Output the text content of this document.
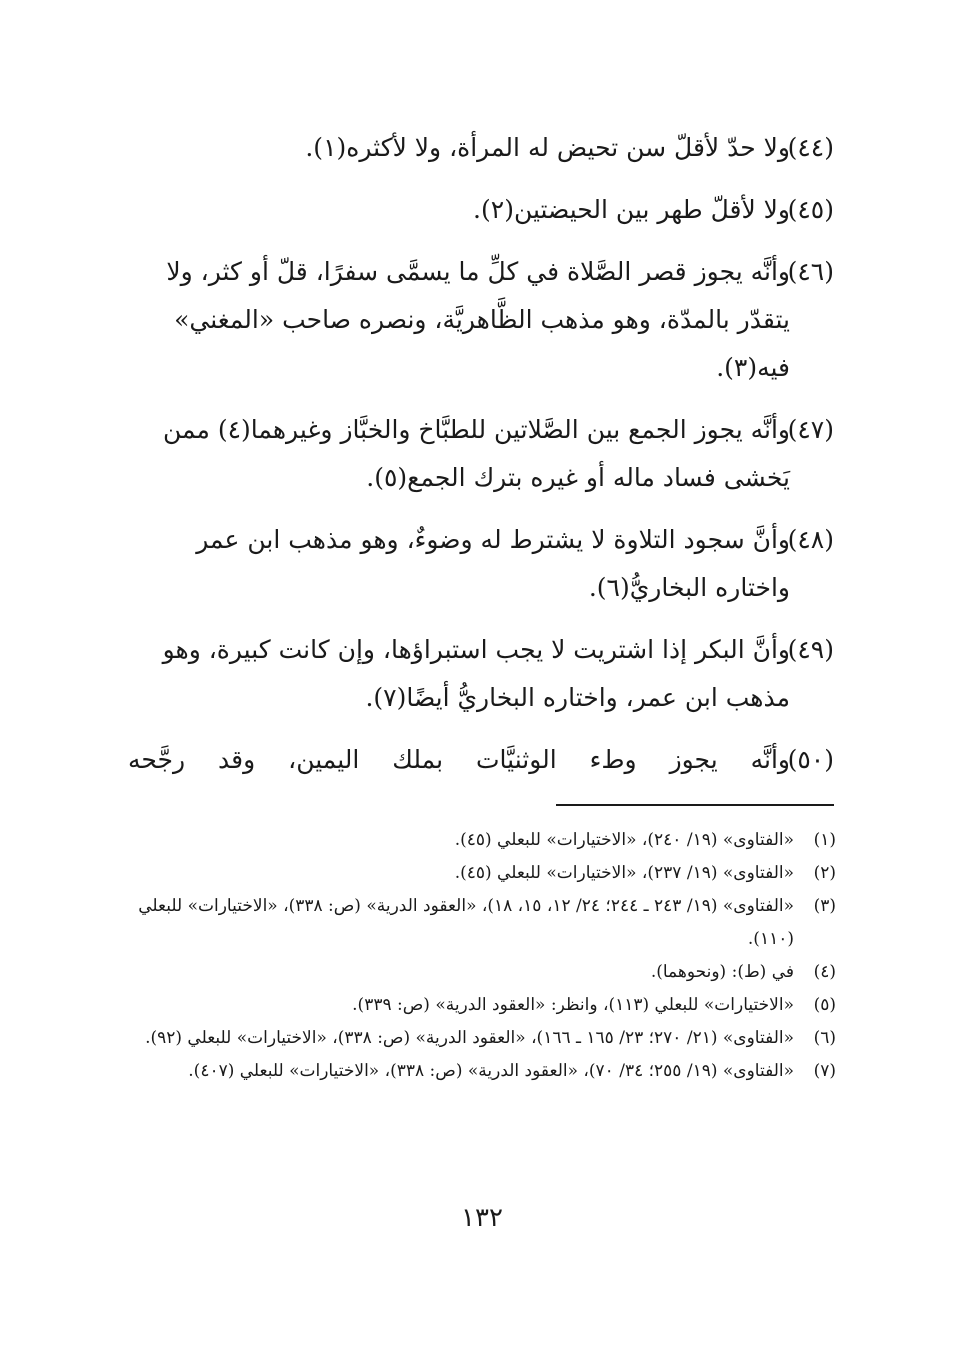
(٤٤)
ولا حدّ لأقلّ سن تحيض له المرأة، ولا لأكثره(١).
(٤٥)
ولا لأقلّ طهر بين الحيضتين(٢).
(٤٦)
وأنَّه يجوز قصر الصَّلاة في كلِّ ما يسمَّى سفرًا، قلّ أو كثر، ولا يتقدّر بالمدّة، وهو مذهب الظَّاهريَّة، ونصره صاحب «المغني» فيه(٣).
(٤٧)
وأنَّه يجوز الجمع بين الصَّلاتين للطبَّاخ والخبَّاز وغيرهما(٤) ممن يَخشى فساد ماله أو غيره بترك الجمع(٥).
(٤٨)
وأنَّ سجود التلاوة لا يشترط له وضوءٌ، وهو مذهب ابن عمر واختاره البخاريُّ(٦).
(٤٩)
وأنَّ البكر إذا اشتريت لا يجب استبراؤها، وإن كانت كبيرة، وهو مذهب ابن عمر، واختاره البخاريُّ أيضًا(٧).
(٥٠)
وأنَّه يجوز وطء الوثنيَّات بملك اليمين، وقد رجَّحه
(١)
«الفتاوى» (١٩/ ٢٤٠)، «الاختيارات» للبعلي (٤٥).
(٢)
«الفتاوى» (١٩/ ٢٣٧)، «الاختيارات» للبعلي (٤٥).
(٣)
«الفتاوى» (١٩/ ٢٤٣ ـ ٢٤٤؛ ٢٤/ ١٢، ١٥، ١٨)، «العقود الدرية» (ص: ٣٣٨)، «الاختيارات» للبعلي (١١٠).
(٤)
في (ط): (ونحوهما).
(٥)
«الاختيارات» للبعلي (١١٣)، وانظر: «العقود الدرية» (ص: ٣٣٩).
(٦)
«الفتاوى» (٢١/ ٢٧٠؛ ٢٣/ ١٦٥ ـ ١٦٦)، «العقود الدرية» (ص: ٣٣٨)، «الاختيارات» للبعلي (٩٢).
(٧)
«الفتاوى» (١٩/ ٢٥٥؛ ٣٤/ ٧٠)، «العقود الدرية» (ص: ٣٣٨)، «الاختيارات» للبعلي (٤٠٧).
١٣٢
